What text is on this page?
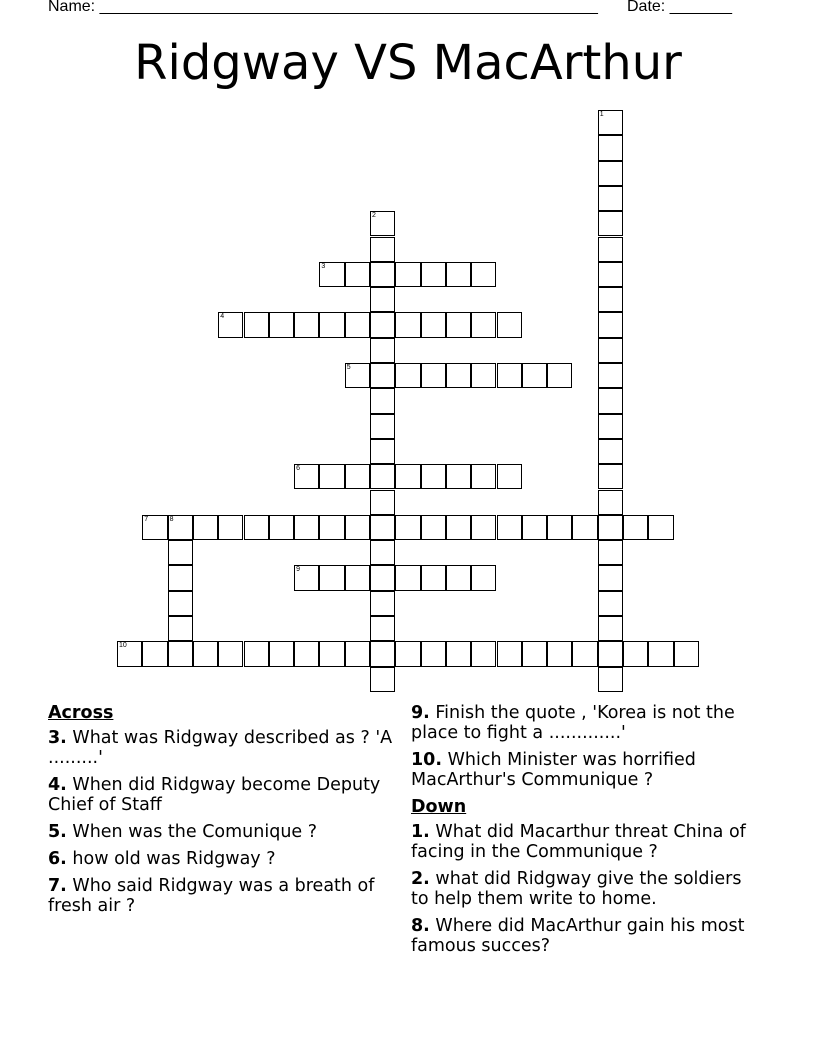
Name: ________________________________________________________ Date: _______
Ridgway VS MacArthur
1
2
3
4
5
6
7	8
9
10
Across
3. What was Ridgway described as ? 'A .........'
4. When did Ridgway become Deputy Chief of Staff
5. When was the Comunique ?
6. how old was Ridgway ?
7. Who said Ridgway was a breath of fresh air ?
9. Finish the quote , 'Korea is not the place to fight a .............'
10. Which Minister was horrified MacArthur's Communique ?
Down
1. What did Macarthur threat China of facing in the Communique ?
2. what did Ridgway give the soldiers to help them write to home.
8. Where did MacArthur gain his most famous succes?
